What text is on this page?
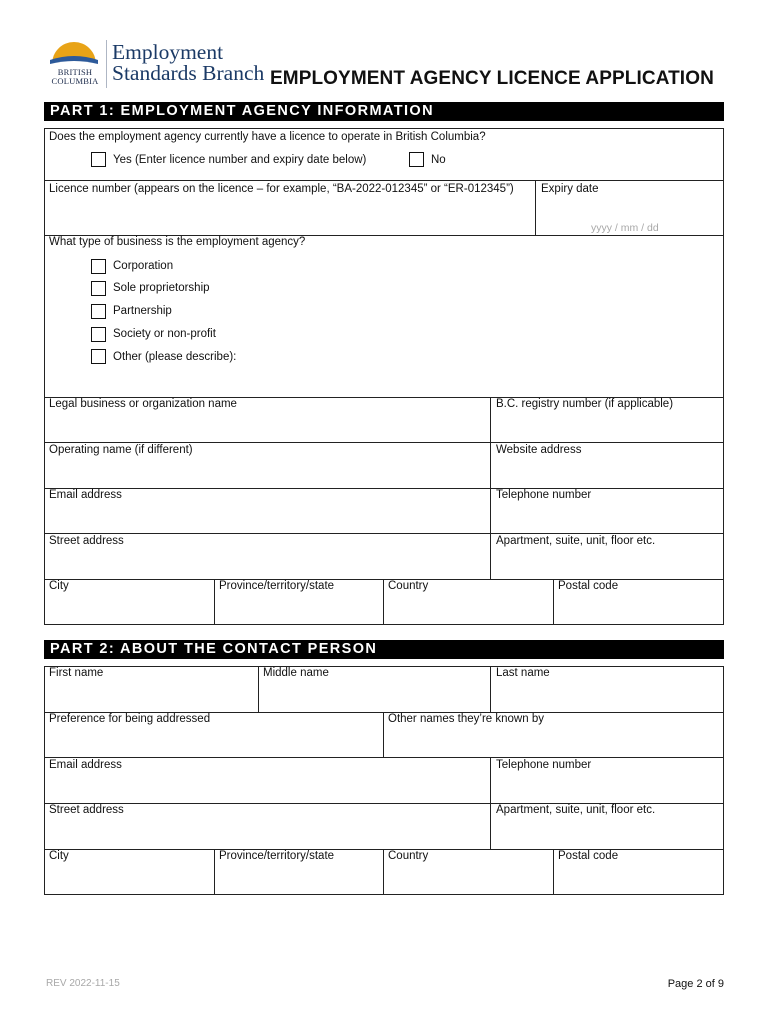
BRITISH
COLUMBIA
Employment
Standards Branch EMPLOYMENT AGENCY LICENCE APPLICATION
PART 1: EMPLOYMENT AGENCY INFORMATION
Does the employment agency currently have a licence to operate in British Columbia?
Yes (Enter licence number and expiry date below)	No
Licence number (appears on the licence – for example, “BA-2022-012345” or “ER-012345”) Expiry date
yyyy / mm / dd
What type of business is the employment agency?
Corporation
Sole proprietorship
Partnership
Society or non-profit
Other (please describe):
Legal business or organization name	B.C. registry number (if applicable)
Operating name (if different)	Website address
Email address	Telephone number
Street address	Apartment, suite, unit, floor etc.
City	Province/territory/state	Country	Postal code
PART 2: ABOUT THE CONTACT PERSON
First name	Middle name	Last name
Preference for being addressed	Other names they’re known by
Email address	Telephone number
Street address	Apartment, suite, unit, floor etc.
City	Province/territory/state	Country	Postal code
REV 2022-11-15	Page 2 of 9
